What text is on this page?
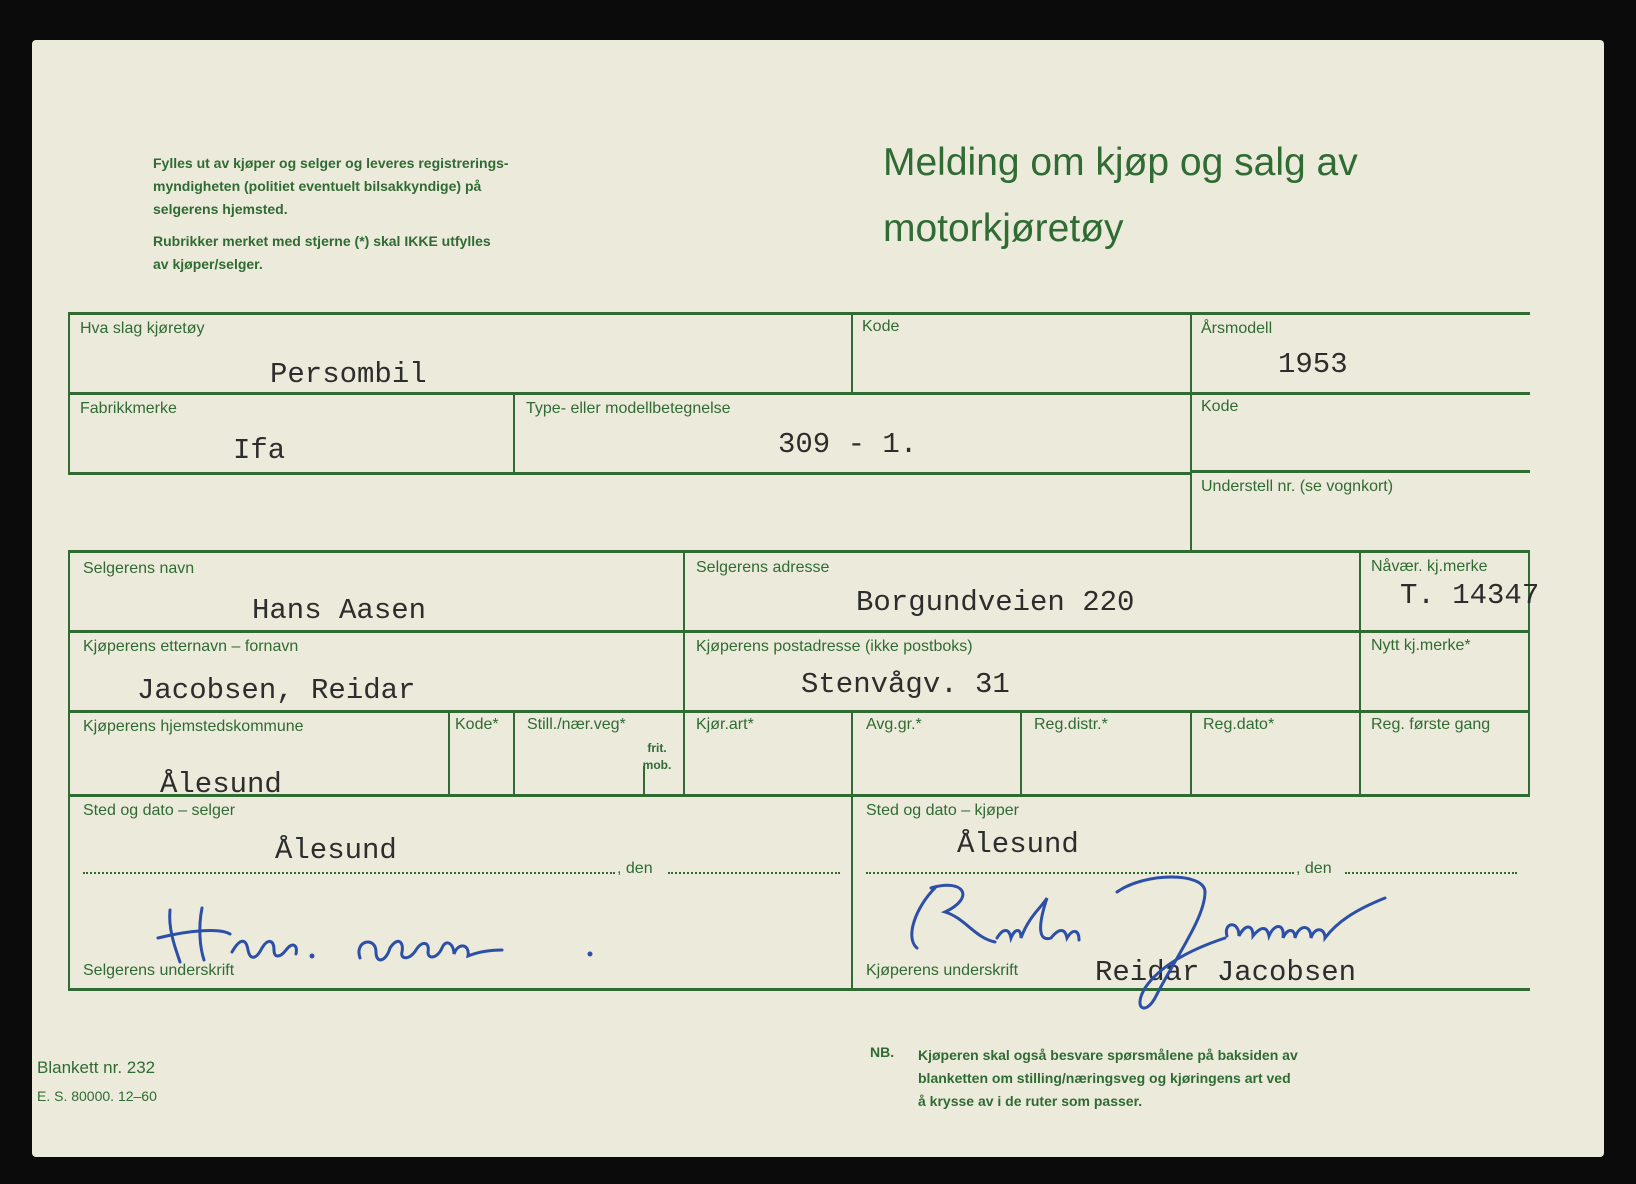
Fylles ut av kjøper og selger og leveres registrerings-
myndigheten (politiet eventuelt bilsakkyndige) på
selgerens hjemsted.
Rubrikker merket med stjerne (*) skal IKKE utfylles
av kjøper/selger.
Melding om kjøp og salg av
motorkjøretøy
Hva slag kjøretøy
Persombil
Kode	Årsmodell
1953
Fabrikkmerke
Ifa
Type- eller modellbetegnelse
309 - 1.
Kode
Understell nr. (se vognkort)
Selgerens navn
Hans Aasen
Selgerens adresse
Borgundveien 220
Nåvær. kj.merke
T. 14347
Kjøperens etternavn – fornavn
Jacobsen, Reidar
Kjøperens postadresse (ikke postboks)
Stenvågv. 31
Nytt kj.merke*
Kjøperens hjemstedskommune
Ålesund
Kode* Still./nær.veg*
frit.
mob.
Kjør.art*	Avg.gr.*	Reg.distr.*	Reg.dato*	Reg. første gang
Sted og dato – selger
Ålesund
, den
Selgerens underskrift
Sted og dato – kjøper
Ålesund
, den
Kjøperens underskrift	Reidar Jacobsen
Blankett nr. 232
E. S. 80000. 12–60
NB. Kjøperen skal også besvare spørsmålene på baksiden av
blanketten om stilling/næringsveg og kjøringens art ved
å krysse av i de ruter som passer.
